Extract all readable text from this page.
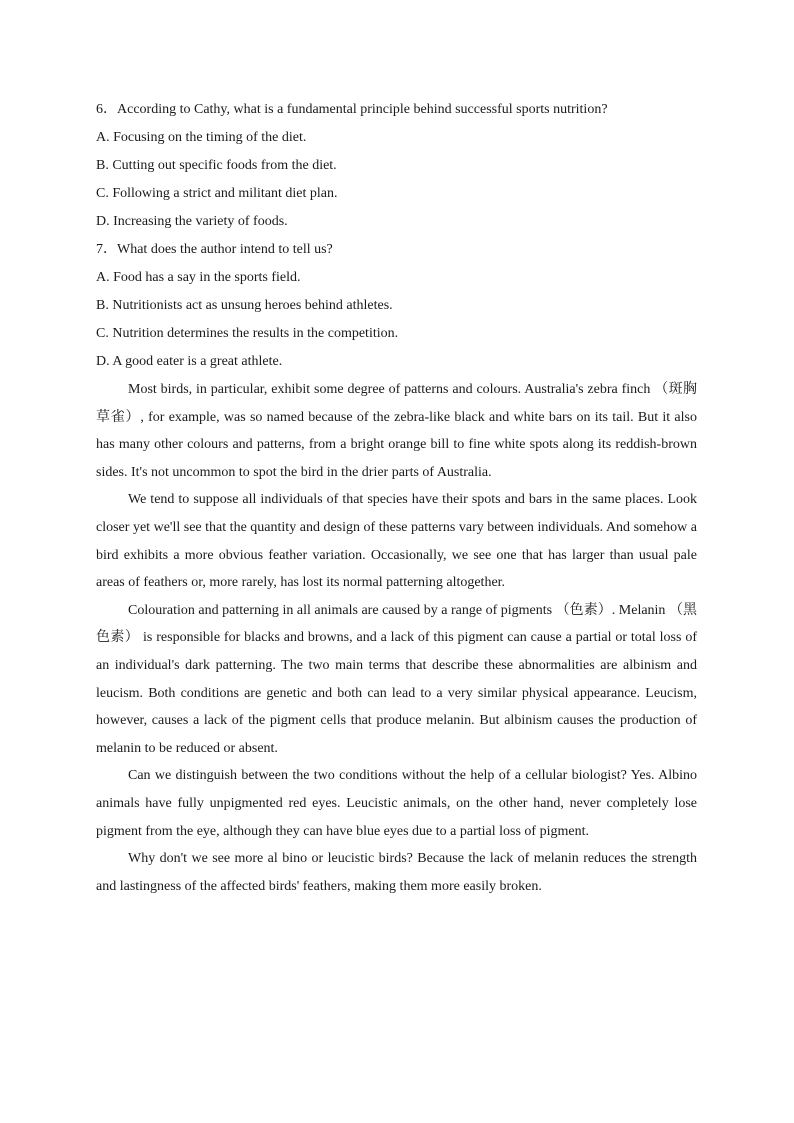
6．According to Cathy, what is a fundamental principle behind successful sports nutrition?
A. Focusing on the timing of the diet.
B. Cutting out specific foods from the diet.
C. Following a strict and militant diet plan.
D. Increasing the variety of foods.
7．What does the author intend to tell us?
A. Food has a say in the sports field.
B. Nutritionists act as unsung heroes behind athletes.
C. Nutrition determines the results in the competition.
D. A good eater is a great athlete.

Most birds, in particular, exhibit some degree of patterns and colours. Australia's zebra finch （斑胸草雀）, for example, was so named because of the zebra-like black and white bars on its tail. But it also has many other colours and patterns, from a bright orange bill to fine white spots along its reddish-brown sides. It's not uncommon to spot the bird in the drier parts of Australia.

We tend to suppose all individuals of that species have their spots and bars in the same places. Look closer yet we'll see that the quantity and design of these patterns vary between individuals. And somehow a bird exhibits a more obvious feather variation. Occasionally, we see one that has larger than usual pale areas of feathers or, more rarely, has lost its normal patterning altogether.

Colouration and patterning in all animals are caused by a range of pigments （色素）. Melanin （黑色素） is responsible for blacks and browns, and a lack of this pigment can cause a partial or total loss of an individual's dark patterning. The two main terms that describe these abnormalities are albinism and leucism. Both conditions are genetic and both can lead to a very similar physical appearance. Leucism, however, causes a lack of the pigment cells that produce melanin. But albinism causes the production of melanin to be reduced or absent.

Can we distinguish between the two conditions without the help of a cellular biologist? Yes. Albino animals have fully unpigmented red eyes. Leucistic animals, on the other hand, never completely lose pigment from the eye, although they can have blue eyes due to a partial loss of pigment.

Why don't we see more al bino or leucistic birds? Because the lack of melanin reduces the strength and lastingness of the affected birds' feathers, making them more easily broken.
